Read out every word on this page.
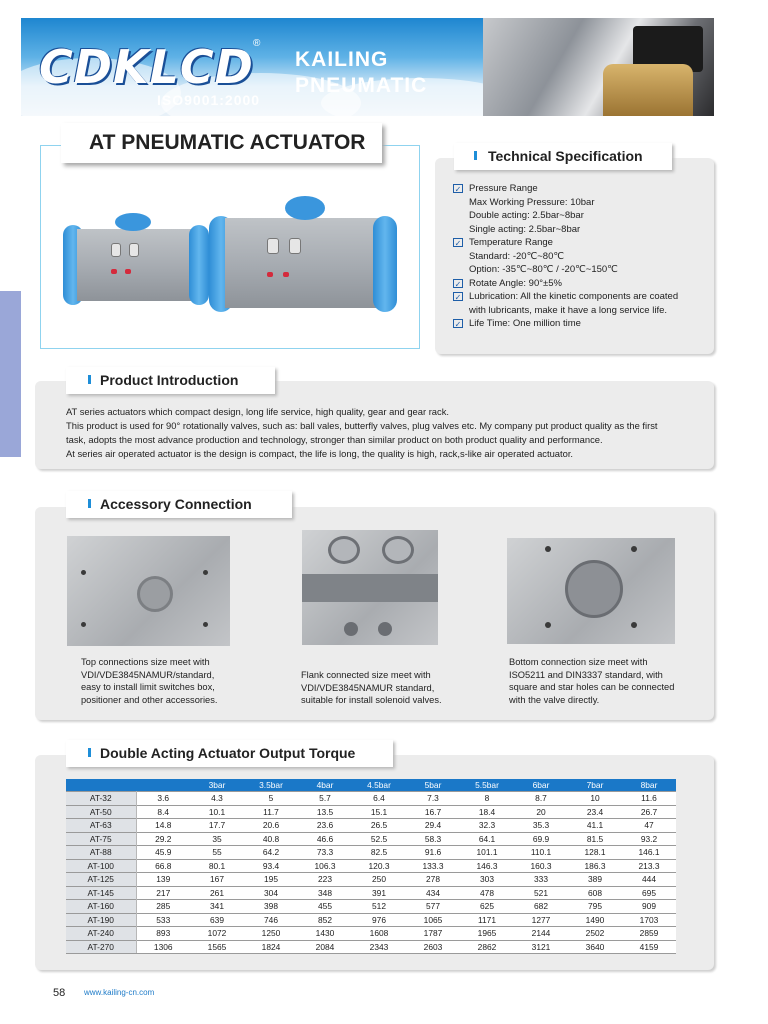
CDKLCD ®
ISO9001:2000
KAILING
PNEUMATIC
AT PNEUMATIC ACTUATOR
Technical Specification
✓ Pressure Range
Max Working Pressure: 10bar
Double acting: 2.5bar~8bar
Single acting: 2.5bar~8bar
✓ Temperature Range
Standard: -20℃~80℃
Option: -35℃~80℃ / -20℃~150℃
✓ Rotate Angle: 90°±5%
✓ Lubrication: All the kinetic components are coated
with lubricants, make it have a long service life.
✓ Life Time: One million time
Product Introduction
AT series actuators which compact design, long life service, high quality, gear and gear rack.
This product is used for 90° rotationally valves, such as: ball vales, butterfly valves, plug valves etc. My company put product quality as the first
task, adopts the most advance production and technology, stronger than similar product on both product quality and performance.
At series air operated actuator is the design is compact, the life is long, the quality is high, rack,s-like air operated actuator.
Accessory Connection
Top connections size meet with
VDI/VDE3845NAMUR/standard,
easy to install limit switches box,
positioner and other accessories.
Flank connected size meet with
VDI/VDE3845NAMUR standard,
suitable for install solenoid valves.
Bottom connection size meet with
ISO5211 and DIN3337 standard, with
square and star holes can be connected
with the valve directly.
Double Acting Actuator Output Torque
		3bar	3.5bar	4bar	4.5bar	5bar	5.5bar	6bar	7bar	8bar
AT-32	3.6	4.3	5	5.7	6.4	7.3	8	8.7	10	11.6
AT-50	8.4	10.1	11.7	13.5	15.1	16.7	18.4	20	23.4	26.7
AT-63	14.8	17.7	20.6	23.6	26.5	29.4	32.3	35.3	41.1	47
AT-75	29.2	35	40.8	46.6	52.5	58.3	64.1	69.9	81.5	93.2
AT-88	45.9	55	64.2	73.3	82.5	91.6	101.1	110.1	128.1	146.1
AT-100	66.8	80.1	93.4	106.3	120.3	133.3	146.3	160.3	186.3	213.3
AT-125	139	167	195	223	250	278	303	333	389	444
AT-145	217	261	304	348	391	434	478	521	608	695
AT-160	285	341	398	455	512	577	625	682	795	909
AT-190	533	639	746	852	976	1065	1171	1277	1490	1703
AT-240	893	1072	1250	1430	1608	1787	1965	2144	2502	2859
AT-270	1306	1565	1824	2084	2343	2603	2862	3121	3640	4159
58 www.kailing-cn.com
